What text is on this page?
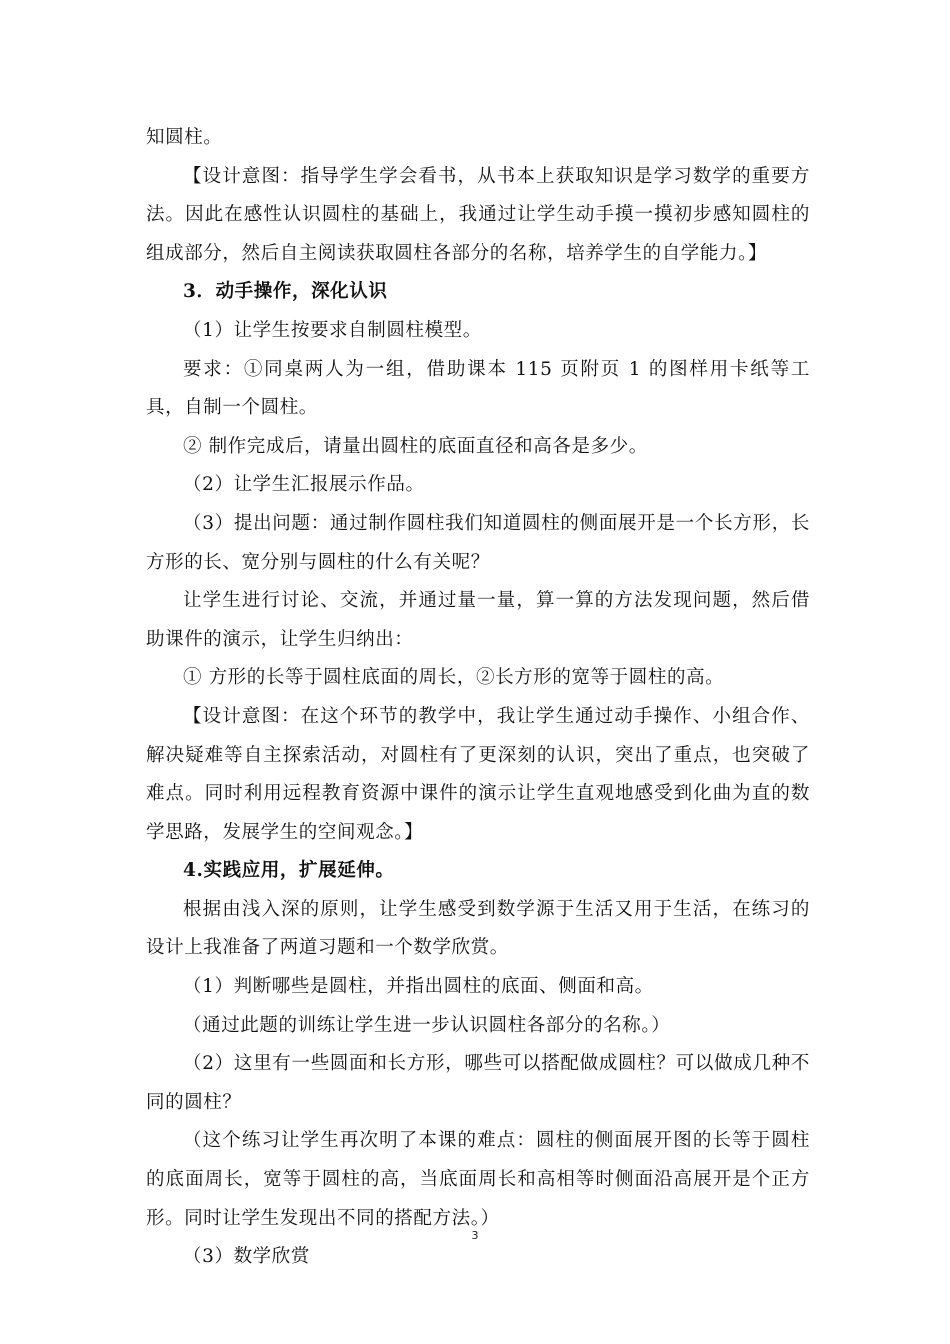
知圆柱。

【设计意图：指导学生学会看书，从书本上获取知识是学习数学的重要方法。因此在感性认识圆柱的基础上，我通过让学生动手摸一摸初步感知圆柱的组成部分，然后自主阅读获取圆柱各部分的名称，培养学生的自学能力。】

3．动手操作，深化认识

（1）让学生按要求自制圆柱模型。

要求：①同桌两人为一组，借助课本 115 页附页 1 的图样用卡纸等工具，自制一个圆柱。

② 制作完成后，请量出圆柱的底面直径和高各是多少。

（2）让学生汇报展示作品。

（3）提出问题：通过制作圆柱我们知道圆柱的侧面展开是一个长方形，长方形的长、宽分别与圆柱的什么有关呢？

让学生进行讨论、交流，并通过量一量，算一算的方法发现问题，然后借助课件的演示，让学生归纳出：

① 方形的长等于圆柱底面的周长，②长方形的宽等于圆柱的高。

【设计意图：在这个环节的教学中，我让学生通过动手操作、小组合作、解决疑难等自主探索活动，对圆柱有了更深刻的认识，突出了重点，也突破了难点。同时利用远程教育资源中课件的演示让学生直观地感受到化曲为直的数学思路，发展学生的空间观念。】

4.实践应用，扩展延伸。

根据由浅入深的原则，让学生感受到数学源于生活又用于生活，在练习的设计上我准备了两道习题和一个数学欣赏。

（1）判断哪些是圆柱，并指出圆柱的底面、侧面和高。

（通过此题的训练让学生进一步认识圆柱各部分的名称。）

（2）这里有一些圆面和长方形，哪些可以搭配做成圆柱？可以做成几种不同的圆柱？

（这个练习让学生再次明了本课的难点：圆柱的侧面展开图的长等于圆柱的底面周长，宽等于圆柱的高，当底面周长和高相等时侧面沿高展开是个正方形。同时让学生发现出不同的搭配方法。）

（3）数学欣赏

3
